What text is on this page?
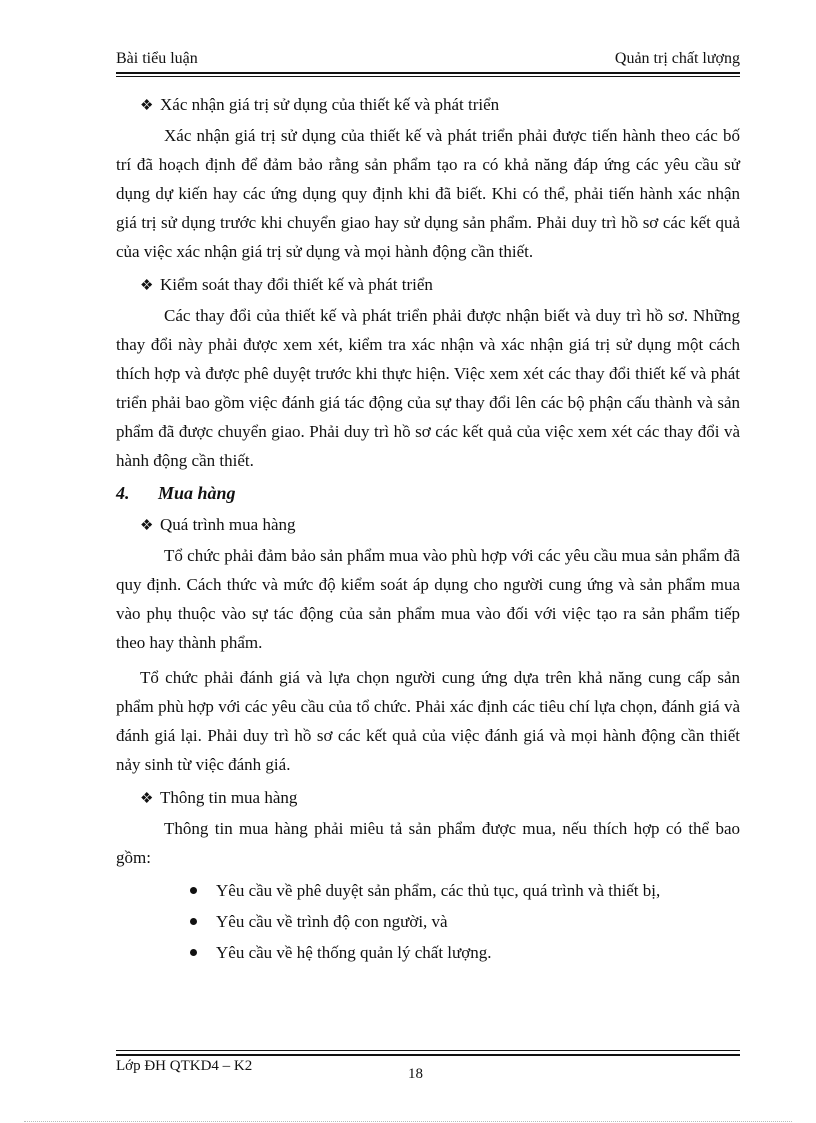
Bài tiểu luận	Quản trị chất lượng

❖ Xác nhận giá trị sử dụng của thiết kế và phát triển

Xác nhận giá trị sử dụng của thiết kế và phát triển phải được tiến hành theo các bố trí đã hoạch định để đảm bảo rằng sản phẩm tạo ra có khả năng đáp ứng các yêu cầu sử dụng dự kiến hay các ứng dụng quy định khi đã biết. Khi có thể, phải tiến hành xác nhận giá trị sử dụng trước khi chuyển giao hay sử dụng sản phẩm. Phải duy trì hồ sơ các kết quả của việc xác nhận giá trị sử dụng và mọi hành động cần thiết.

❖ Kiểm soát thay đổi thiết kế và phát triển

Các thay đổi của thiết kế và phát triển phải được nhận biết và duy trì hồ sơ. Những thay đổi này phải được xem xét, kiểm tra xác nhận và xác nhận giá trị sử dụng một cách thích hợp và được phê duyệt trước khi thực hiện. Việc xem xét các thay đổi thiết kế và phát triển phải bao gồm việc đánh giá tác động của sự thay đổi lên các bộ phận cấu thành và sản phẩm đã được chuyển giao. Phải duy trì hồ sơ các kết quả của việc xem xét các thay đổi và hành động cần thiết.

4. Mua hàng

❖ Quá trình mua hàng

Tổ chức phải đảm bảo sản phẩm mua vào phù hợp với các yêu cầu mua sản phẩm đã quy định. Cách thức và mức độ kiểm soát áp dụng cho người cung ứng và sản phẩm mua vào phụ thuộc vào sự tác động của sản phẩm mua vào đối với việc tạo ra sản phẩm tiếp theo hay thành phẩm.

Tổ chức phải đánh giá và lựa chọn người cung ứng dựa trên khả năng cung cấp sản phẩm phù hợp với các yêu cầu của tổ chức. Phải xác định các tiêu chí lựa chọn, đánh giá và đánh giá lại. Phải duy trì hồ sơ các kết quả của việc đánh giá và mọi hành động cần thiết nảy sinh từ việc đánh giá.

❖ Thông tin mua hàng

Thông tin mua hàng phải miêu tả sản phẩm được mua, nếu thích hợp có thể bao gồm:

Yêu cầu về phê duyệt sản phẩm, các thủ tục, quá trình và thiết bị,
Yêu cầu về trình độ con người, và
Yêu cầu về hệ thống quản lý chất lượng.
Lớp ĐH QTKD4 – K2	18
